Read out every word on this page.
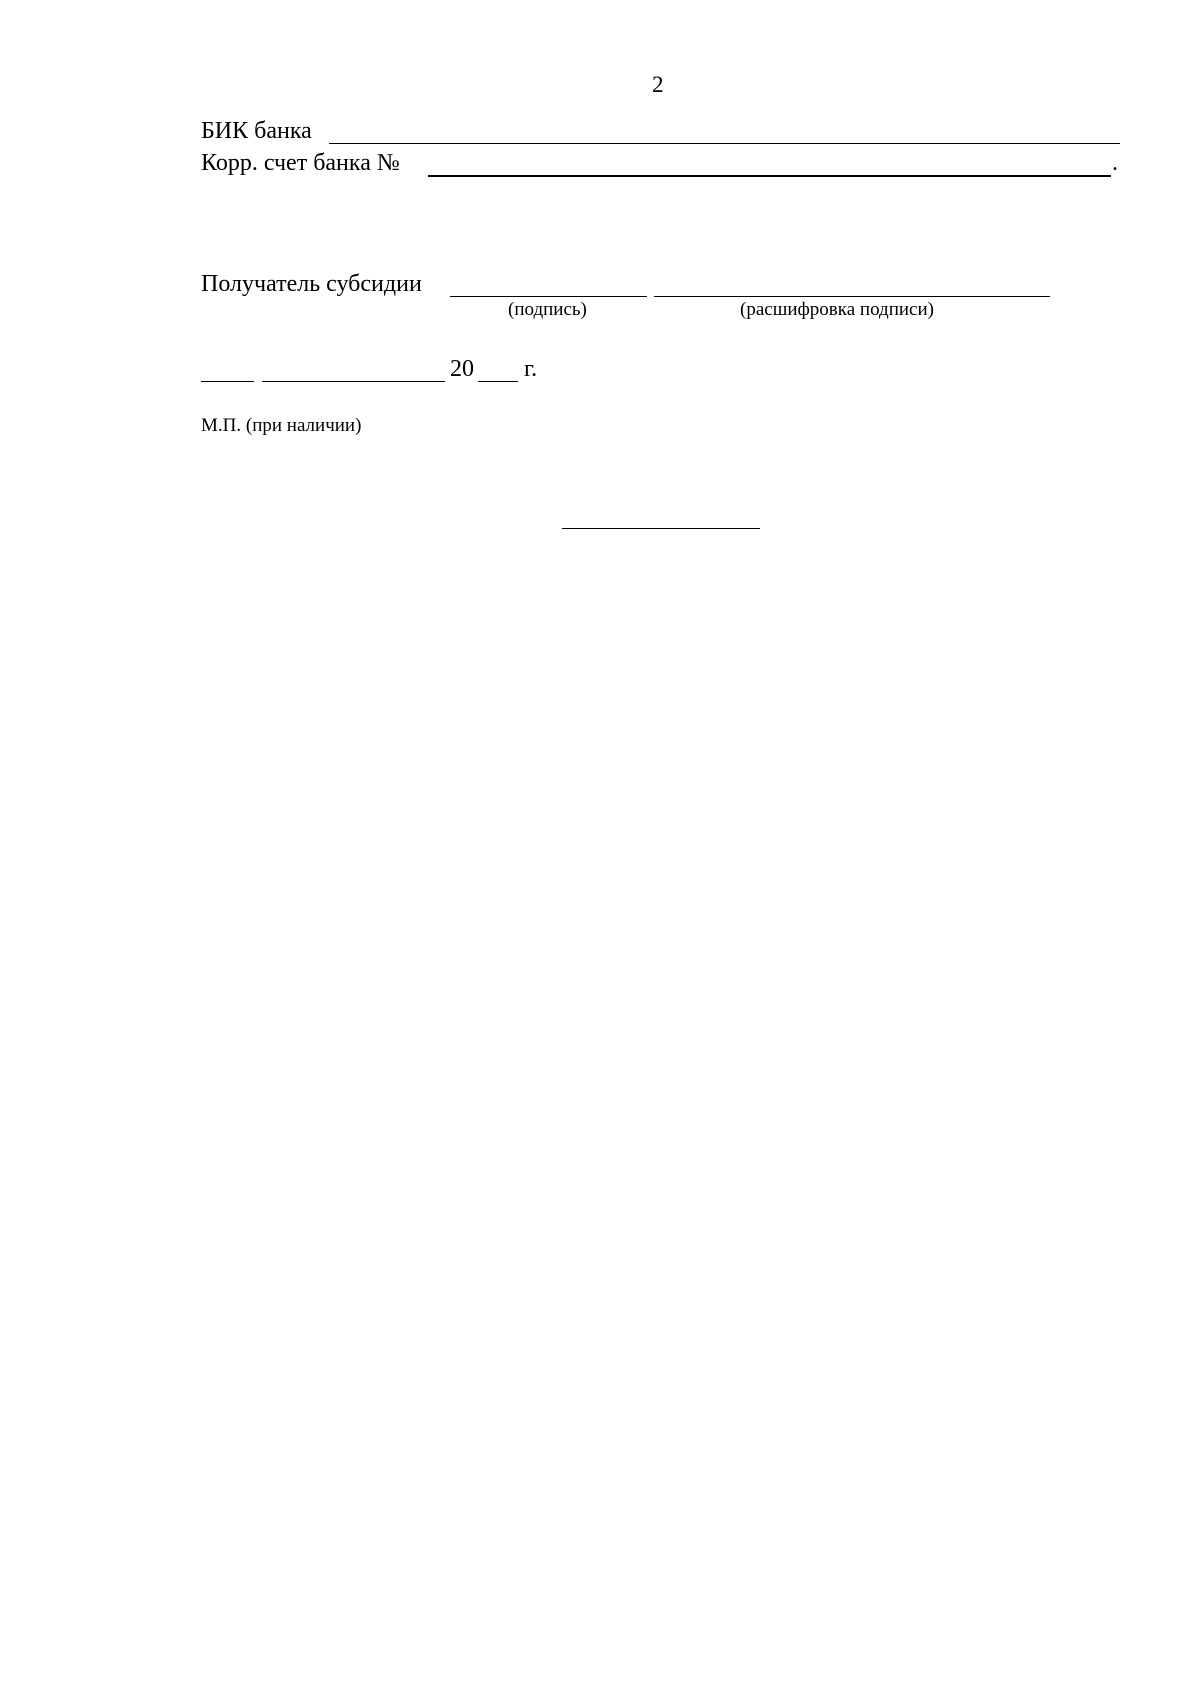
2
БИК банка
Корр. счет банка №	.
Получатель субсидии
(подпись)	(расшифровка подписи)
20 г.
М.П. (при наличии)
